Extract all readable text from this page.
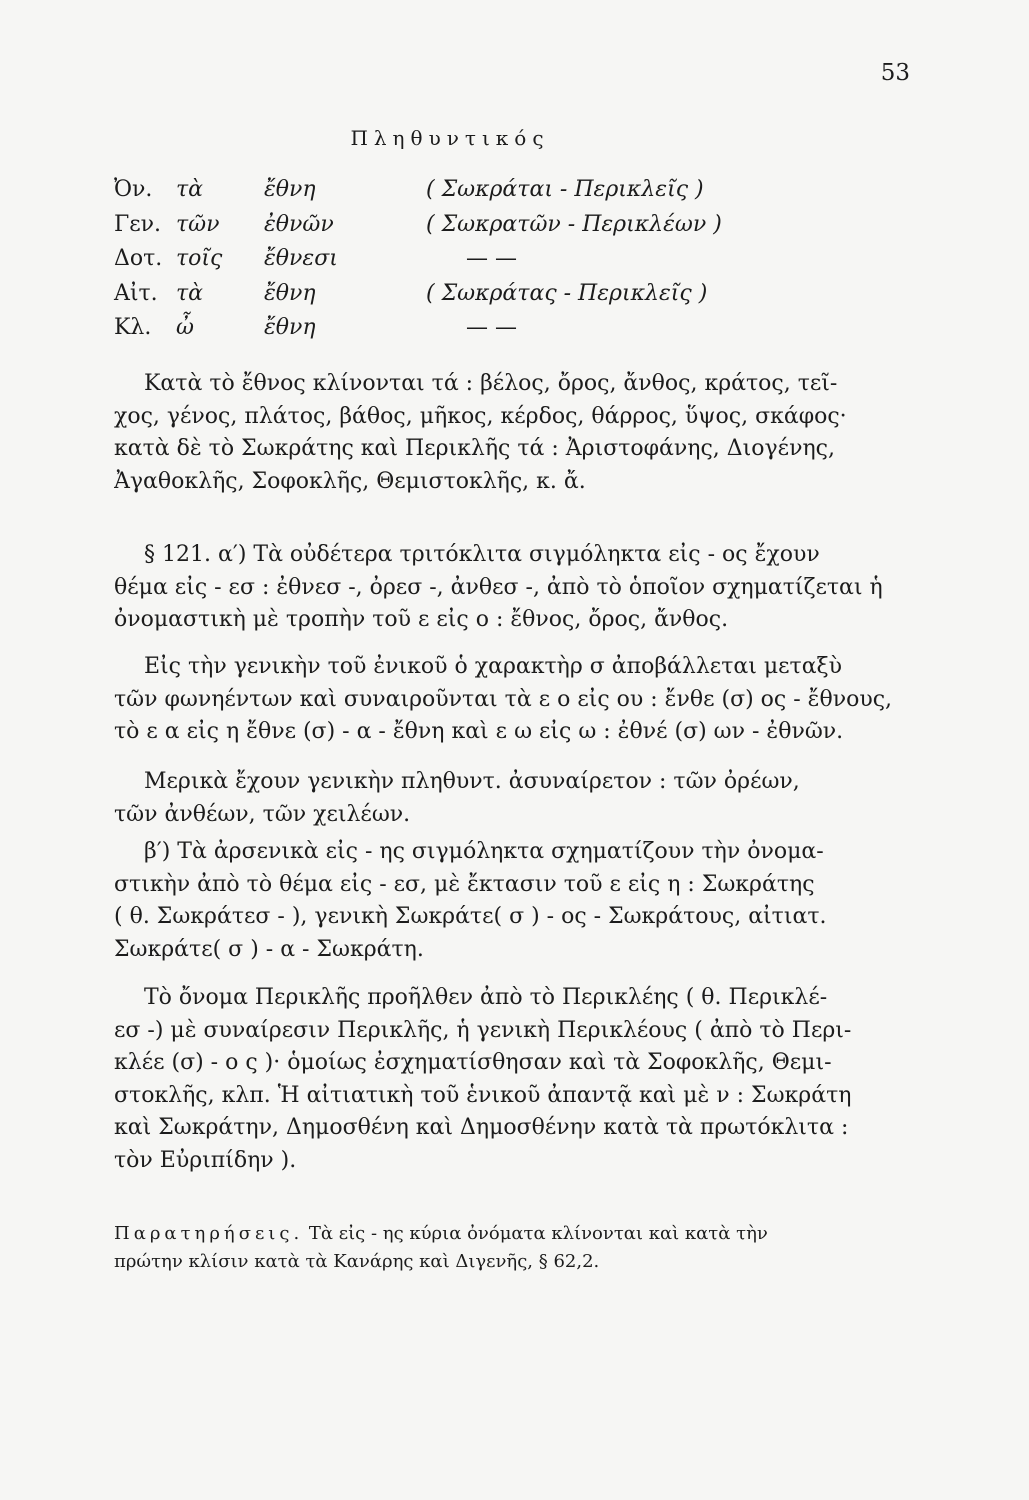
53
Πληθυντικός
Ὀν. τὰ	ἔθνη	( Σωκράται - Περικλεῖς )
Γεν. τῶν ἐθνῶν	( Σωκρατῶν - Περικλέων )
Δοτ. τοῖς ἔθνεσι	— —
Αἰτ. τὰ	ἔθνη	( Σωκράτας - Περικλεῖς )
Κλ. ὦ	ἔθνη	— —

Κατὰ τὸ ἔθνος κλίνονται τά : βέλος, ὄρος, ἄνθος, κράτος, τεῖ-
χος, γένος, πλάτος, βάθος, μῆκος, κέρδος, θάρρος, ὕψος, σκάφος·
κατὰ δὲ τὸ Σωκράτης καὶ Περικλῆς τά : Ἀριστοφάνης, Διογένης,
Ἀγαθοκλῆς, Σοφοκλῆς, Θεμιστοκλῆς, κ. ἄ.

§ 121. α′) Τὰ οὐδέτερα τριτόκλιτα σιγμόληκτα εἰς - ος ἔχουν
θέμα εἰς - εσ : ἐθνεσ -, ὀρεσ -, ἀνθεσ -, ἀπὸ τὸ ὁποῖον σχηματίζεται ἡ
ὀνομαστικὴ μὲ τροπὴν τοῦ ε εἰς ο : ἔθνος, ὄρος, ἄνθος.

Εἰς τὴν γενικὴν τοῦ ἐνικοῦ ὁ χαρακτὴρ σ ἀποβάλλεται μεταξὺ
τῶν φωνηέντων καὶ συναιροῦνται τὰ ε ο εἰς ου : ἔνθε (σ) ος - ἔθνους,
τὸ ε α εἰς η ἔθνε (σ) - α - ἔθνη καὶ ε ω εἰς ω : ἐθνέ (σ) ων - ἐθνῶν.

Μερικὰ ἔχουν γενικὴν πληθυντ. ἀσυναίρετον : τῶν ὀρέων,
τῶν ἀνθέων, τῶν χειλέων.

β′) Τὰ ἀρσενικὰ εἰς - ης σιγμόληκτα σχηματίζουν τὴν ὀνομα-
στικὴν ἀπὸ τὸ θέμα εἰς - εσ, μὲ ἔκτασιν τοῦ ε εἰς η : Σωκράτης
( θ. Σωκράτεσ - ), γενικὴ Σωκράτε( σ ) - ος - Σωκράτους, αἰτιατ.
Σωκράτε( σ ) - α - Σωκράτη.

Τὸ ὄνομα Περικλῆς προῆλθεν ἀπὸ τὸ Περικλέης ( θ. Περικλέ-
εσ -) μὲ συναίρεσιν Περικλῆς, ἡ γενικὴ Περικλέους ( ἀπὸ τὸ Περι-
κλέε (σ) - ο ς )· ὁμοίως ἐσχηματίσθησαν καὶ τὰ Σοφοκλῆς, Θεμι-
στοκλῆς, κλπ. Ἡ αἰτιατικὴ τοῦ ἑνικοῦ ἀπαντᾷ καὶ μὲ ν : Σωκράτη
καὶ Σωκράτην, Δημοσθένη καὶ Δημοσθένην κατὰ τὰ πρωτόκλιτα :
τὸν Εὐριπίδην ).

Παρατηρήσεις. Τὰ εἰς - ης κύρια ὀνόματα κλίνονται καὶ κατὰ τὴν
πρώτην κλίσιν κατὰ τὰ Κανάρης καὶ Διγενῆς, § 62,2.
